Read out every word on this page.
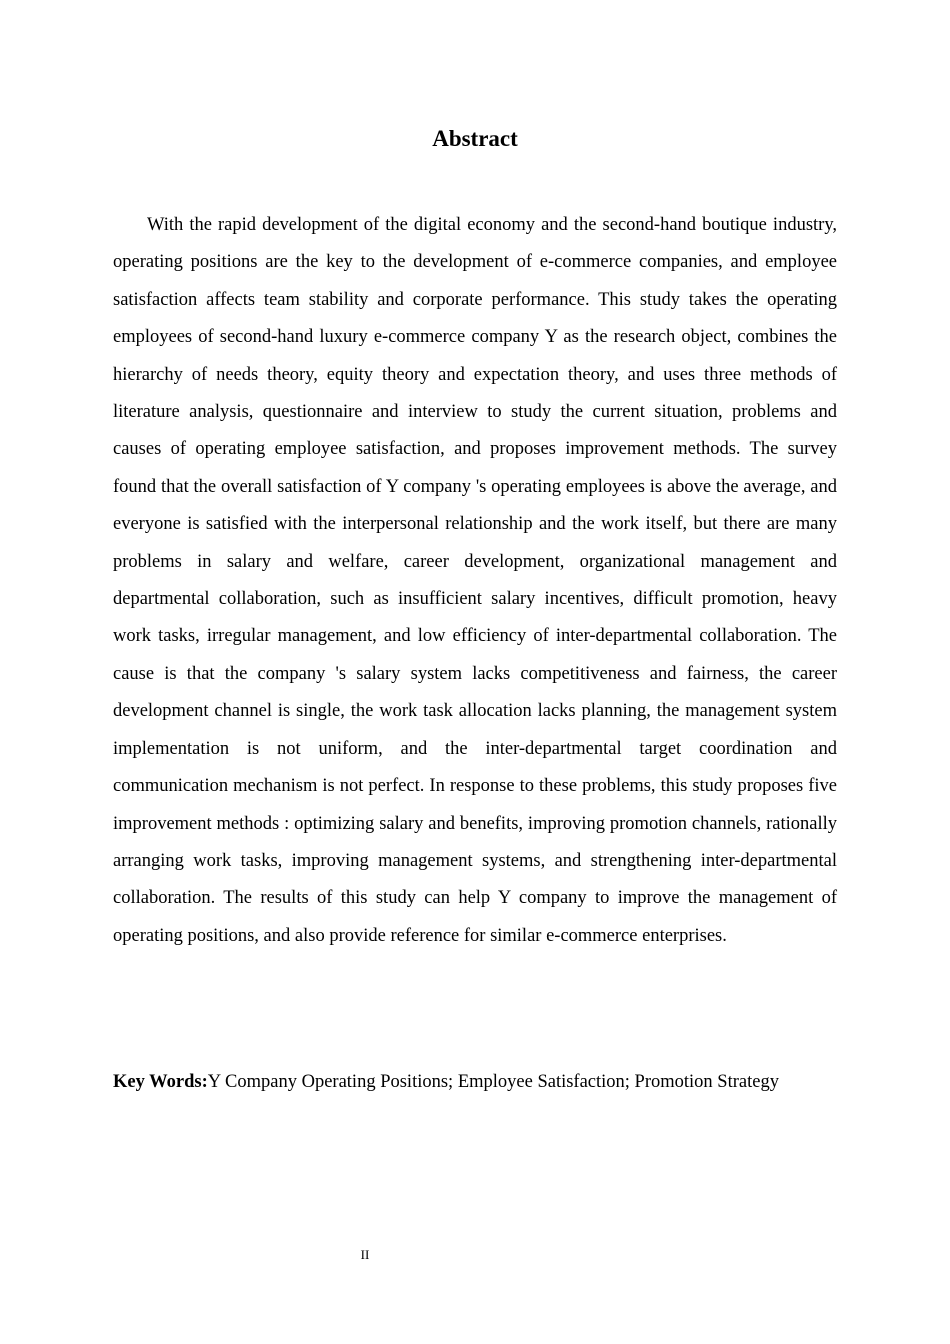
Abstract

With the rapid development of the digital economy and the second-hand boutique industry, operating positions are the key to the development of e-commerce companies, and employee satisfaction affects team stability and corporate performance. This study takes the operating employees of second-hand luxury e-commerce company Y as the research object, combines the hierarchy of needs theory, equity theory and expectation theory, and uses three methods of literature analysis, questionnaire and interview to study the current situation, problems and causes of operating employee satisfaction, and proposes improvement methods. The survey found that the overall satisfaction of Y company 's operating employees is above the average, and everyone is satisfied with the interpersonal relationship and the work itself, but there are many problems in salary and welfare, career development, organizational management and departmental collaboration, such as insufficient salary incentives, difficult promotion, heavy work tasks, irregular management, and low efficiency of inter-departmental collaboration. The cause is that the company 's salary system lacks competitiveness and fairness, the career development channel is single, the work task allocation lacks planning, the management system implementation is not uniform, and the inter-departmental target coordination and communication mechanism is not perfect. In response to these problems, this study proposes five improvement methods : optimizing salary and benefits, improving promotion channels, rationally arranging work tasks, improving management systems, and strengthening inter-departmental collaboration. The results of this study can help Y company to improve the management of operating positions, and also provide reference for similar e-commerce enterprises.

Key Words:Y Company Operating Positions; Employee Satisfaction; Promotion Strategy

II
